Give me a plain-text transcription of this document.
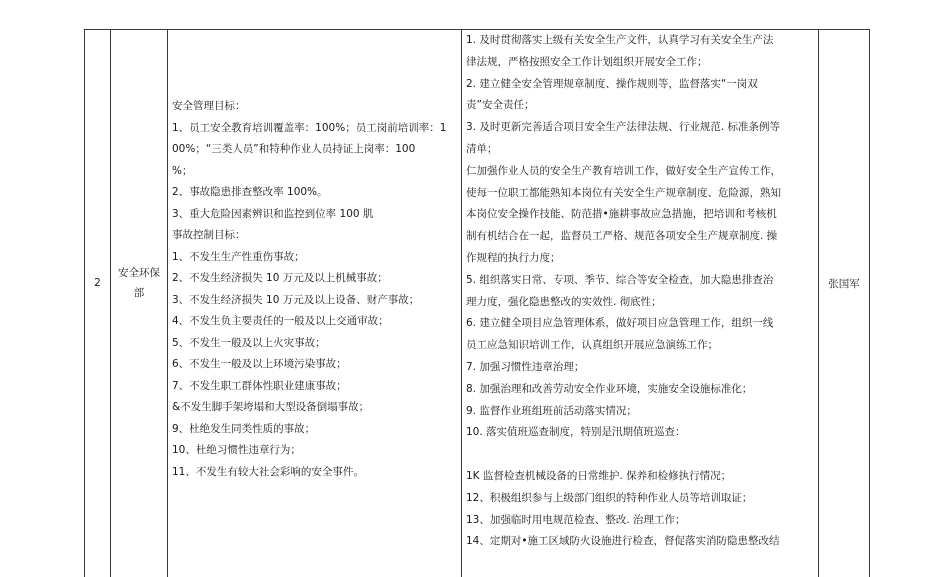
2
安全环保
部
安全管理目标：
1、员工安全教育培训覆盖率：100%；员工岗前培训率：1
00%；“三类人员”和特种作业人员持证上岗率：100
%；
2、事故隐患排查整改率 100%。
3、重大危险因素辨识和监控到位率 100 肌
事故控制目标：
1、不发生生产性重伤事故；
2、不发生经济损失 10 万元及以上机械事故；
3、不发生经济损失 10 万元及以上设备、财产事故；
4、不发生负主要责任的一般及以上交通审故；
5、不发生一般及以上火灾事故；
6、不发生一般及以上环境污染事故；
7、不发生职工群体性职业建康事故；
&不发生脚手架垮塌和大型设备倒塌事故；
9、杜绝发生同类性质的事故；
10、杜绝习惯性违章行为；
11、不发生有较大社会彩响的安全事件。
1. 及时贯彻落实上级有关安全生产文件，认真学习有关安全生产法
律法规，严格按照安全工作计划组织开展安全工作；
2. 建立健全安全管理规章制度、操作规则等，监督落实“一岗双
责”安全责任；
3. 及时更新完善适合项目安全生产法律法规、行业规范. 标准条例等
清单；
仁加强作业人员的安全生产教育培训工作，做好安全生产宣传工作，
使每一位职工都能熟知本岗位有关安全生产规章制度、危险源，熟知
本岗位安全操作技能、防范措•施耕事故应急措施，把培训和考核机
制有机结合在一起，监督员工严格、规范各项安全生产规章制度. 操
作规程的执行力度；
5. 组织落实日常、专项、季节、综合等安全检查，加大隐患排查治
理力度，强化隐患整改的实效性. 彻底性；
6. 建立健全项目应急管理体系，做好项目应急管理工作，组织一线
员工应急知识培训工作，认真组织开展应急演练工作；
7. 加强习惯性违章治理；
8. 加强治理和改善劳动安全作业环境，实施安全设施标准化；
9. 监督作业班组班前活动落实情况；
10. 落实值班巡查制度，特别是汛期值班巡查：
1K 监督检查机械设备的日常维护. 保养和检修执行情况；
12、积极组织参与上级部门组织的特种作业人员等培训取证；
13、加强临时用电规范检查、整改. 治理工作；
14、定期对•施工区域防火设施进行检查，督促落实消防隐患整改结
张国军
